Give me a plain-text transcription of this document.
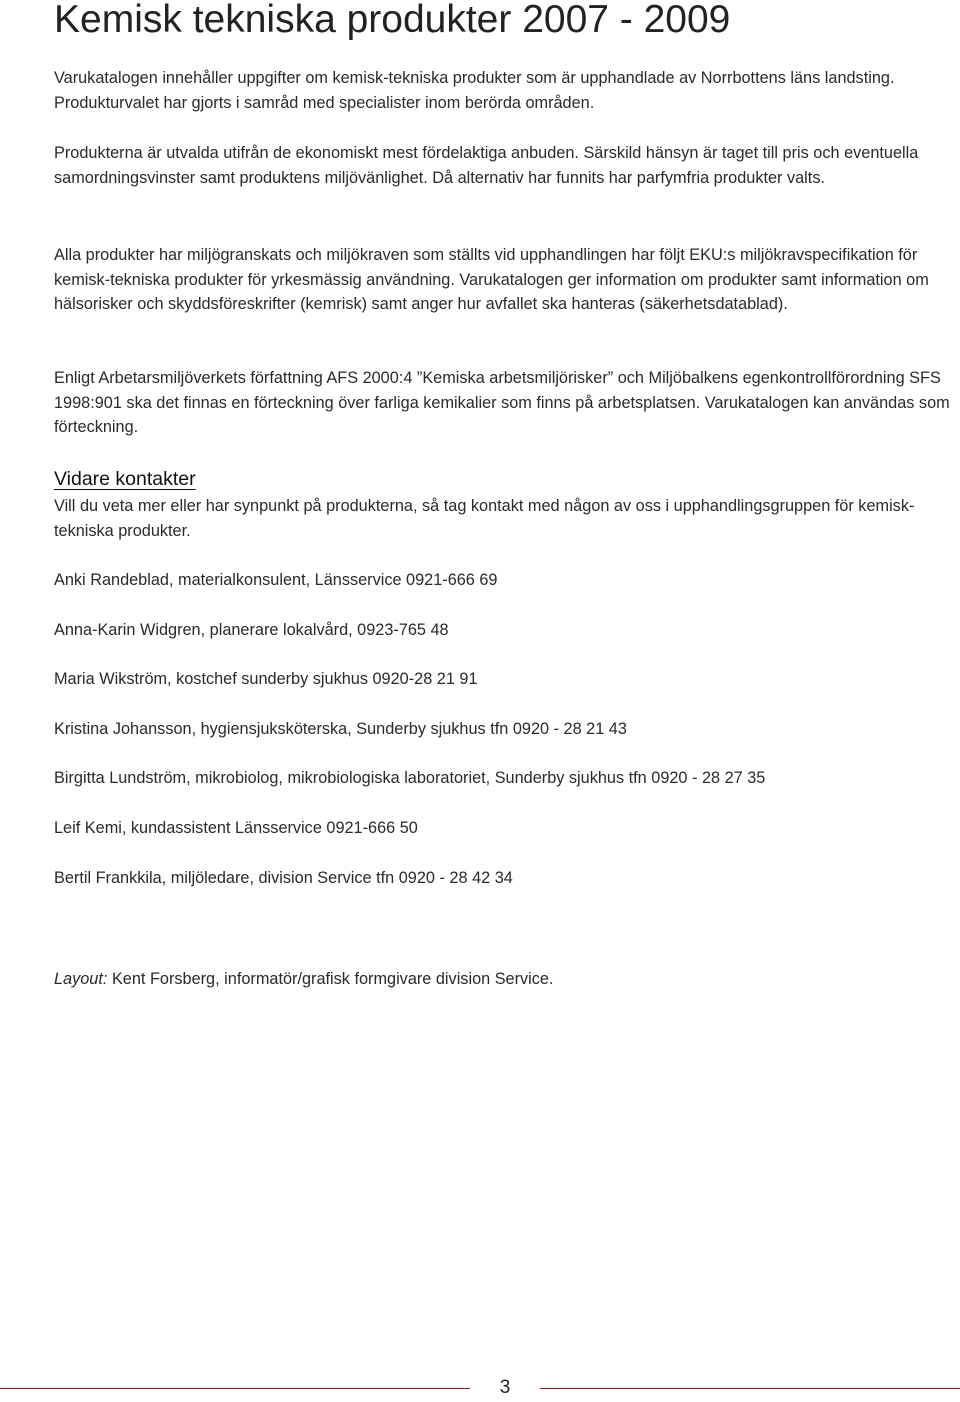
Kemisk tekniska produkter 2007 - 2009

Varukatalogen innehåller uppgifter om kemisk-tekniska produkter som är upphandlade av Norrbottens läns landsting. Produkturvalet har gjorts i samråd med specialister inom berörda områden.

Produkterna är utvalda utifrån de ekonomiskt mest fördelaktiga anbuden. Särskild hänsyn är taget till pris och eventuella samordningsvinster samt produktens miljövänlighet. Då alternativ har funnits har parfymfria produkter valts.

Alla produkter har miljögranskats och miljökraven som ställts vid upphandlingen har följt EKU:s miljökravspecifikation för kemisk-tekniska produkter för yrkesmässig användning. Varukatalogen ger information om produkter samt information om hälsorisker och skyddsföreskrifter (kemrisk) samt anger hur avfallet ska hanteras (säkerhetsdatablad).

Enligt Arbetarsmiljöverkets författning AFS 2000:4 ”Kemiska arbetsmiljörisker” och Miljöbalkens egenkontrollförordning SFS 1998:901 ska det finnas en förteckning över farliga kemikalier som finns på arbetsplatsen. Varukatalogen kan användas som förteckning.

Vidare kontakter

Vill du veta mer eller har synpunkt på produkterna, så tag kontakt med någon av oss i upphandlingsgruppen för kemisk-tekniska produkter.

Anki Randeblad, materialkonsulent, Länsservice 0921-666 69

Anna-Karin Widgren, planerare lokalvård, 0923-765 48

Maria Wikström, kostchef sunderby sjukhus 0920-28 21 91

Kristina Johansson, hygiensjuksköterska, Sunderby sjukhus tfn 0920 - 28 21 43

Birgitta Lundström, mikrobiolog, mikrobiologiska laboratoriet, Sunderby sjukhus tfn 0920 - 28 27 35

Leif Kemi, kundassistent Länsservice 0921-666 50

Bertil Frankkila, miljöledare, division Service tfn 0920 - 28 42 34

Layout: Kent Forsberg, informatör/grafisk formgivare division Service.

3
